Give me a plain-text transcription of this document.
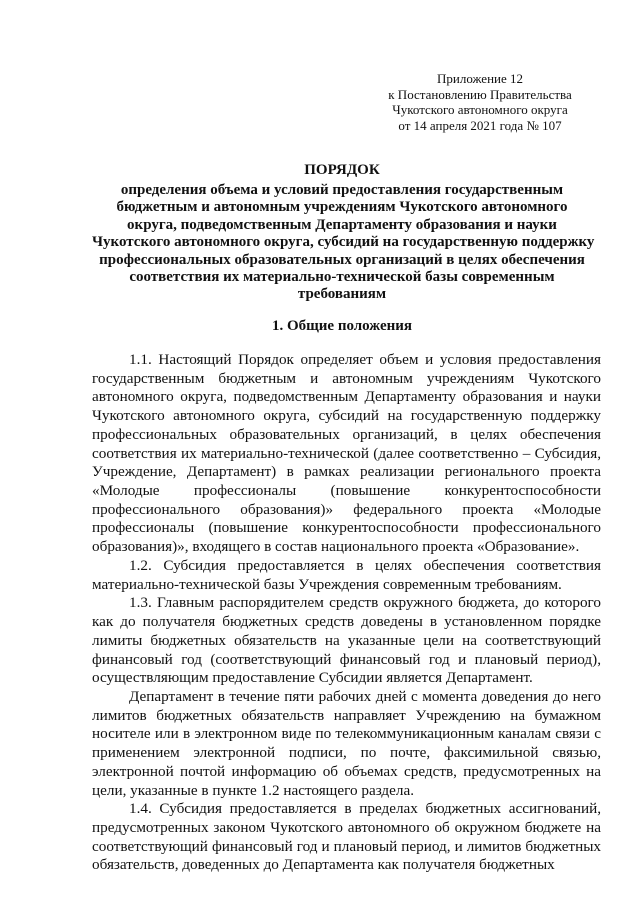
Приложение 12
к Постановлению Правительства
Чукотского автономного округа
от 14 апреля 2021 года № 107
ПОРЯДОК
определения объема и условий предоставления государственным
бюджетным и автономным учреждениям Чукотского автономного
округа, подведомственным Департаменту образования и науки
Чукотского автономного округа, субсидий на государственную поддержку
профессиональных образовательных организаций в целях обеспечения
соответствия их материально-технической базы современным
требованиям
1. Общие положения

1.1. Настоящий Порядок определяет объем и условия предоставления государственным бюджетным и автономным учреждениям Чукотского автономного округа, подведомственным Департаменту образования и науки Чукотского автономного округа, субсидий на государственную поддержку профессиональных образовательных организаций, в целях обеспечения соответствия их материально-технической (далее соответственно – Субсидия, Учреждение, Департамент) в рамках реализации регионального проекта «Молодые профессионалы (повышение конкурентоспособности профессионального образования)» федерального проекта «Молодые профессионалы (повышение конкурентоспособности профессионального образования)», входящего в состав национального проекта «Образование».

1.2. Субсидия предоставляется в целях обеспечения соответствия материально-технической базы Учреждения современным требованиям.

1.3. Главным распорядителем средств окружного бюджета, до которого как до получателя бюджетных средств доведены в установленном порядке лимиты бюджетных обязательств на указанные цели на соответствующий финансовый год (соответствующий финансовый год и плановый период), осуществляющим предоставление Субсидии является Департамент.

Департамент в течение пяти рабочих дней с момента доведения до него лимитов бюджетных обязательств направляет Учреждению на бумажном носителе или в электронном виде по телекоммуникационным каналам связи с применением электронной подписи, по почте, факсимильной связью, электронной почтой информацию об объемах средств, предусмотренных на цели, указанные в пункте 1.2 настоящего раздела.

1.4. Субсидия предоставляется в пределах бюджетных ассигнований, предусмотренных законом Чукотского автономного об окружном бюджете на соответствующий финансовый год и плановый период, и лимитов бюджетных обязательств, доведенных до Департамента как получателя бюджетных
